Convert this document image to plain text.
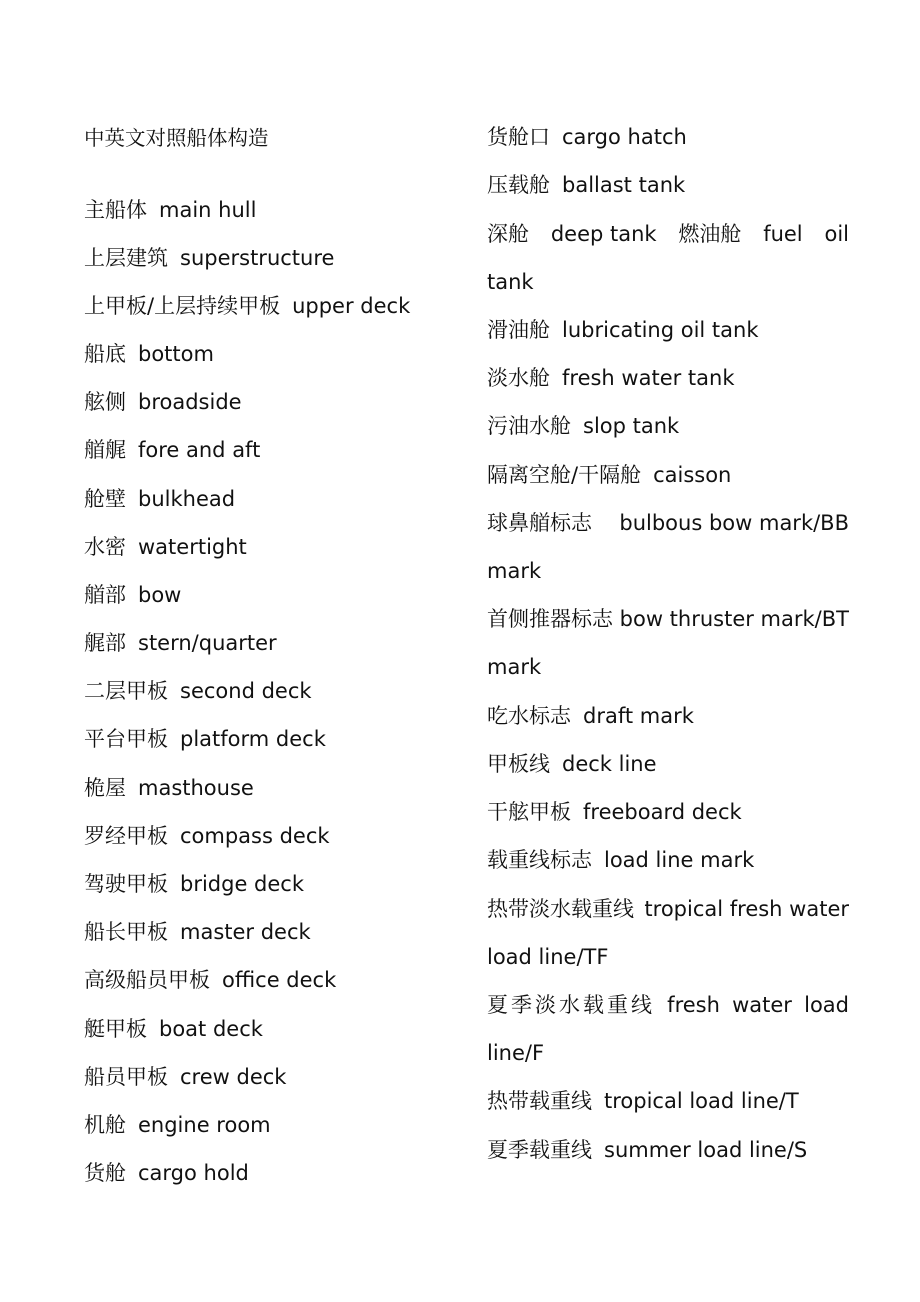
中英文对照船体构造
主船体 main hull
上层建筑 superstructure
上甲板/上层持续甲板 upper deck
船底 bottom
舷侧 broadside
艏艉 fore and aft
舱壁 bulkhead
水密 watertight
艏部 bow
艉部 stern/quarter
二层甲板 second deck
平台甲板 platform deck
桅屋 masthouse
罗经甲板 compass deck
驾驶甲板 bridge deck
船长甲板 master deck
高级船员甲板 office deck
艇甲板 boat deck
船员甲板 crew deck
机舱 engine room
货舱 cargo hold
货舱口 cargo hatch
压载舱 ballast tank
深舱 deep tank 燃油舱 fuel oil
tank
滑油舱 lubricating oil tank
淡水舱 fresh water tank
污油水舱 slop tank
隔离空舱/干隔舱 caisson
球鼻艏标志 bulbous bow mark/BB
mark
首侧推器标志 bow thruster mark/BT
mark
吃水标志 draft mark
甲板线 deck line
干舷甲板 freeboard deck
载重线标志 load line mark
热带淡水载重线 tropical fresh water
load line/TF
夏季淡水载重线 fresh water load
line/F
热带载重线 tropical load line/T
夏季载重线 summer load line/S
